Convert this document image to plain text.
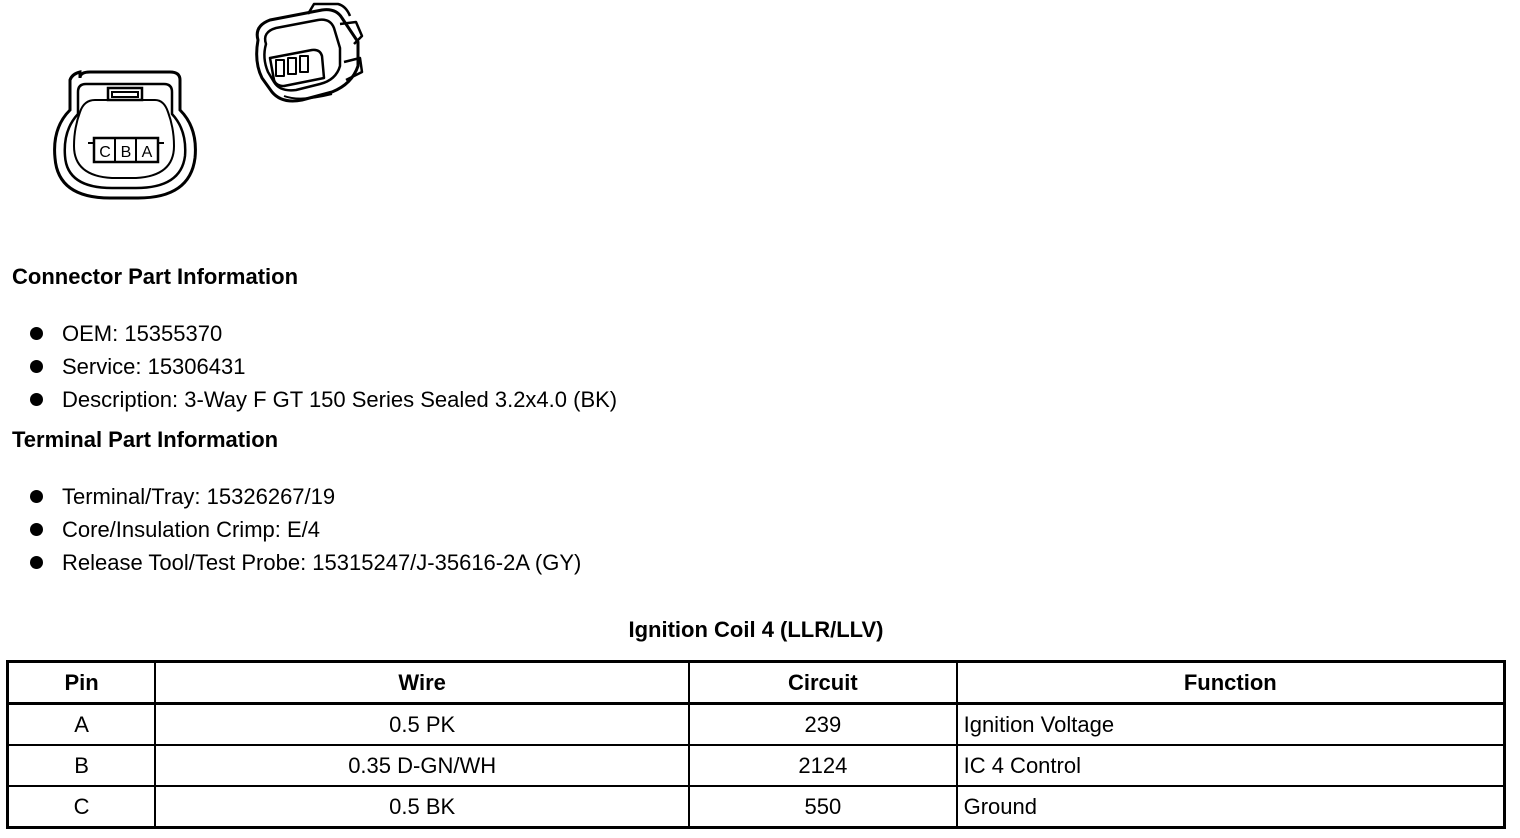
C B A
Connector Part Information
OEM: 15355370
Service: 15306431
Description: 3-Way F GT 150 Series Sealed 3.2x4.0 (BK)
Terminal Part Information
Terminal/Tray: 15326267/19
Core/Insulation Crimp: E/4
Release Tool/Test Probe: 15315247/J-35616-2A (GY)
Ignition Coil 4 (LLR/LLV)
Pin	Wire	Circuit	Function
A	0.5 PK	239	Ignition Voltage
B	0.35 D-GN/WH	2124	IC 4 Control
C	0.5 BK	550	Ground
